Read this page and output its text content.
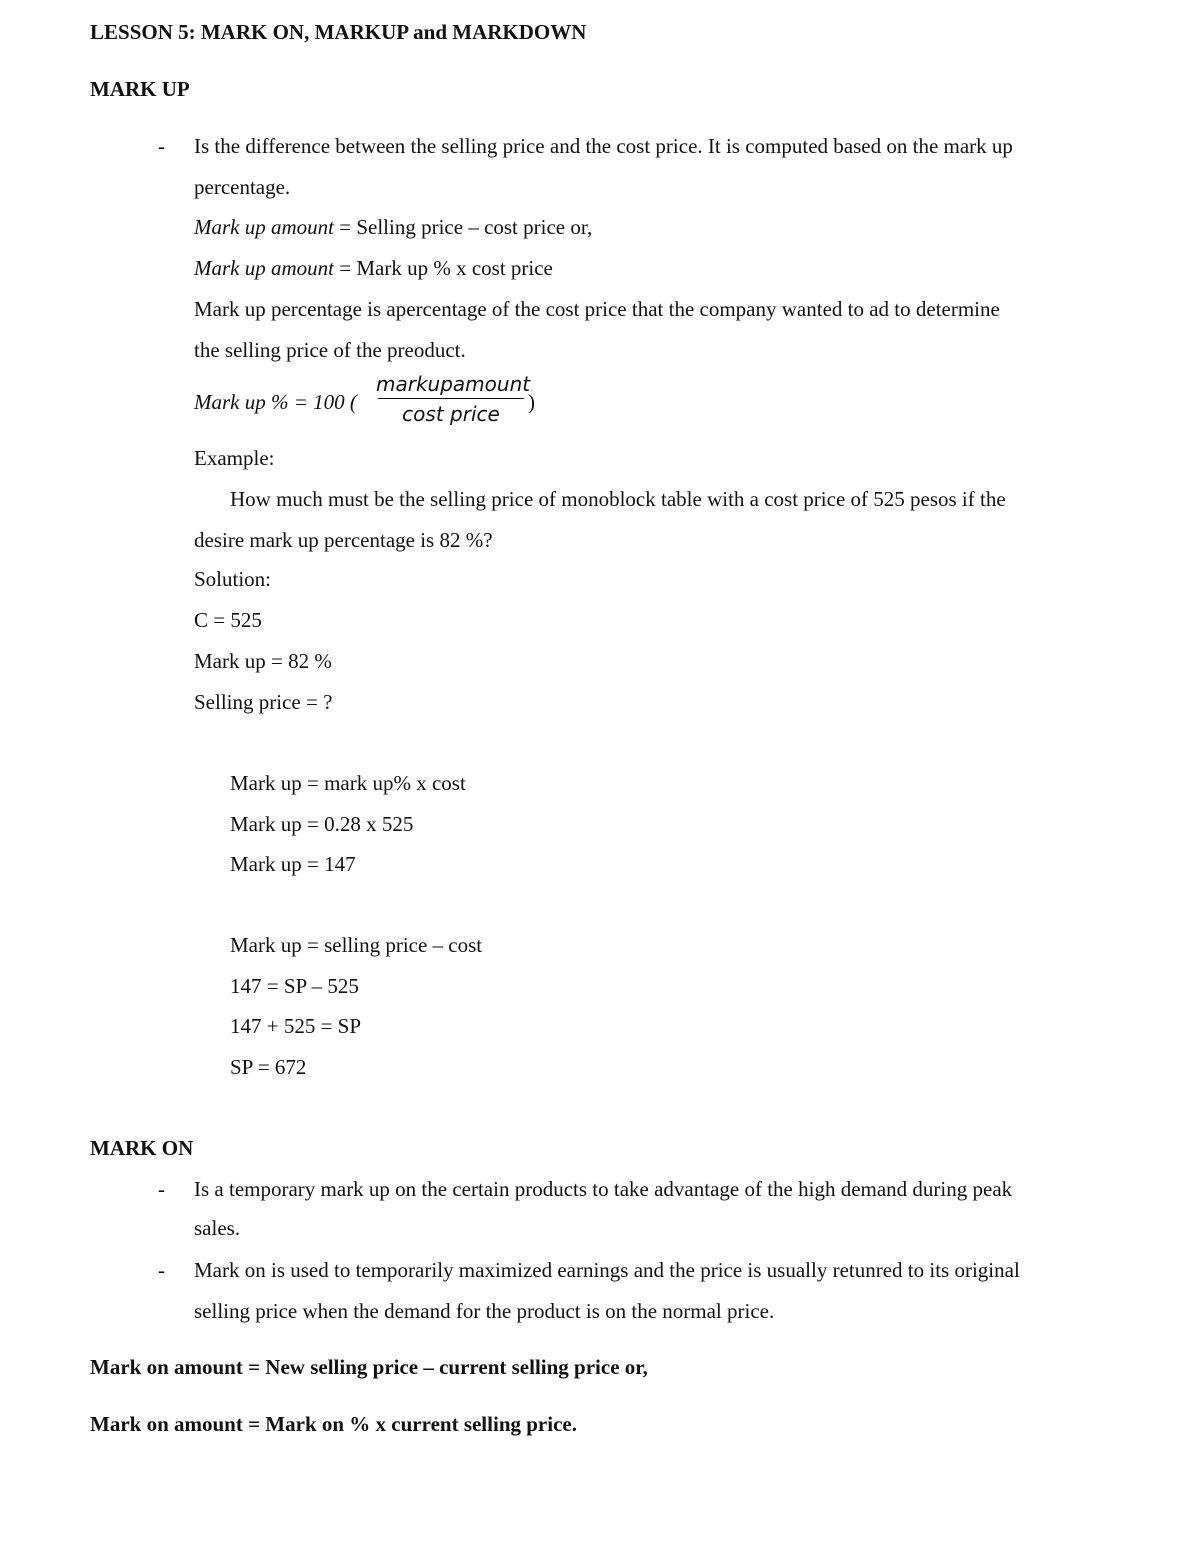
LESSON 5: MARK ON, MARKUP and MARKDOWN
MARK UP
- Is the difference between the selling price and the cost price. It is computed based on the mark up
percentage.
Mark up amount = Selling price – cost price or,
Mark up amount = Mark up % x cost price
Mark up percentage is apercentage of the cost price that the company wanted to ad to determine
the selling price of the preoduct.
Mark up % = 100 (
markupamount
cost price	)
Example:
How much must be the selling price of monoblock table with a cost price of 525 pesos if the
desire mark up percentage is 82 %?
Solution:
C = 525
Mark up = 82 %
Selling price = ?
Mark up = mark up% x cost
Mark up = 0.28 x 525
Mark up = 147
Mark up = selling price – cost
147 = SP – 525
147 + 525 = SP
SP = 672
MARK ON
- Is a temporary mark up on the certain products to take advantage of the high demand during peak
sales.
- Mark on is used to temporarily maximized earnings and the price is usually retunred to its original
selling price when the demand for the product is on the normal price.
Mark on amount = New selling price – current selling price or,
Mark on amount = Mark on % x current selling price.
